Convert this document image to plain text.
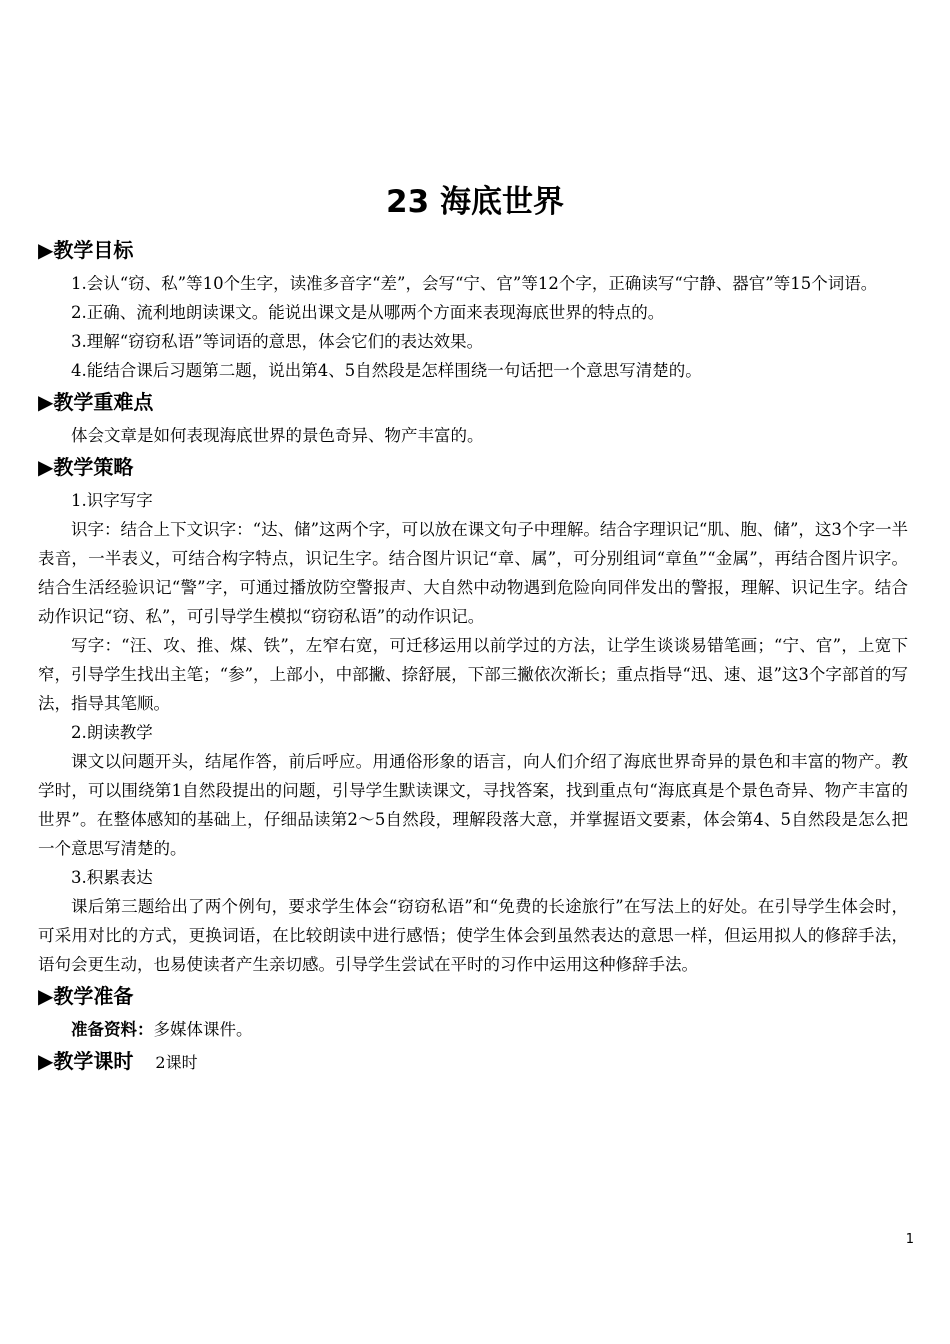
23 海底世界
▶教学目标

1.会认“窃、私”等10个生字，读准多音字“差”，会写“宁、官”等12个字，正确读写“宁静、器官”等15个词语。

2.正确、流利地朗读课文。能说出课文是从哪两个方面来表现海底世界的特点的。

3.理解“窃窃私语”等词语的意思，体会它们的表达效果。

4.能结合课后习题第二题，说出第4、5自然段是怎样围绕一句话把一个意思写清楚的。

▶教学重难点

体会文章是如何表现海底世界的景色奇异、物产丰富的。

▶教学策略

1.识字写字

识字：结合上下文识字：“达、储”这两个字，可以放在课文句子中理解。结合字理识记“肌、胞、储”，这3个字一半表音，一半表义，可结合构字特点，识记生字。结合图片识记“章、属”，可分别组词“章鱼”“金属”，再结合图片识字。结合生活经验识记“警”字，可通过播放防空警报声、大自然中动物遇到危险向同伴发出的警报，理解、识记生字。结合动作识记“窃、私”，可引导学生模拟“窃窃私语”的动作识记。

写字：“汪、攻、推、煤、铁”，左窄右宽，可迁移运用以前学过的方法，让学生谈谈易错笔画；“宁、官”，上宽下窄，引导学生找出主笔；“参”，上部小，中部撇、捺舒展，下部三撇依次渐长；重点指导“迅、速、退”这3个字部首的写法，指导其笔顺。

2.朗读教学

课文以问题开头，结尾作答，前后呼应。用通俗形象的语言，向人们介绍了海底世界奇异的景色和丰富的物产。教学时，可以围绕第1自然段提出的问题，引导学生默读课文，寻找答案，找到重点句“海底真是个景色奇异、物产丰富的世界”。在整体感知的基础上，仔细品读第2～5自然段，理解段落大意，并掌握语文要素，体会第4、5自然段是怎么把一个意思写清楚的。

3.积累表达

课后第三题给出了两个例句，要求学生体会“窃窃私语”和“免费的长途旅行”在写法上的好处。在引导学生体会时，可采用对比的方式，更换词语，在比较朗读中进行感悟；使学生体会到虽然表达的意思一样，但运用拟人的修辞手法，语句会更生动，也易使读者产生亲切感。引导学生尝试在平时的习作中运用这种修辞手法。

▶教学准备

准备资料：多媒体课件。

▶教学课时 2课时
1
